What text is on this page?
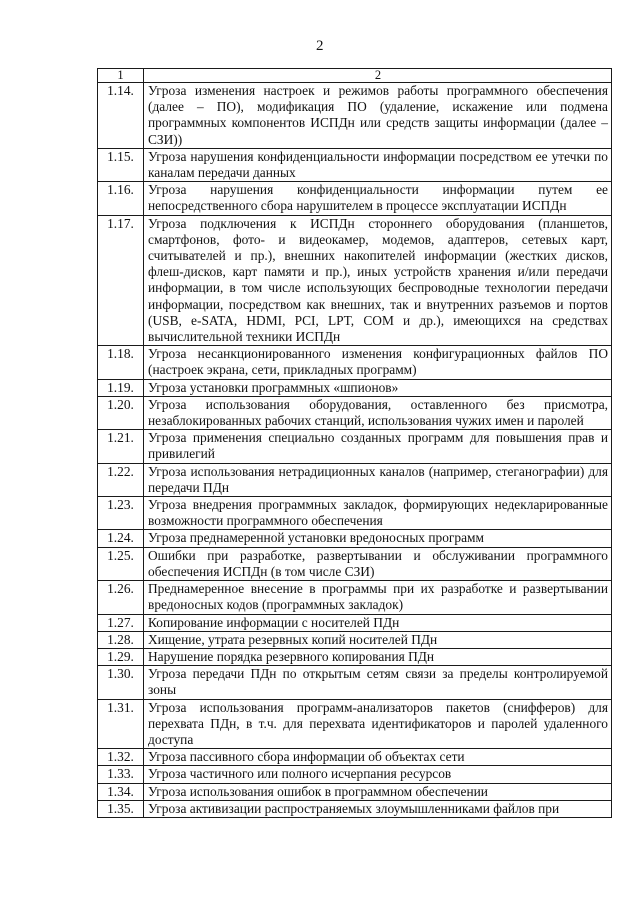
2
1	2
1.14.	Угроза изменения настроек и режимов работы программного обеспечения (далее – ПО), модификация ПО (удаление, искажение или подмена программных компонентов ИСПДн или средств защиты информации (далее – СЗИ))
1.15.	Угроза нарушения конфиденциальности информации посредством ее утечки по каналам передачи данных
1.16.	Угроза нарушения конфиденциальности информации путем ее непосредственного сбора нарушителем в процессе эксплуатации ИСПДн
1.17.	Угроза подключения к ИСПДн стороннего оборудования (планшетов, смартфонов, фото- и видеокамер, модемов, адаптеров, сетевых карт, считывателей и пр.), внешних накопителей информации (жестких дисков, флеш-дисков, карт памяти и пр.), иных устройств хранения и/или передачи информации, в том числе использующих беспроводные технологии передачи информации, посредством как внешних, так и внутренних разъемов и портов (USB, e-SATA, HDMI, PCI, LPT, COM и др.), имеющихся на средствах вычислительной техники ИСПДн
1.18.	Угроза несанкционированного изменения конфигурационных файлов ПО (настроек экрана, сети, прикладных программ)
1.19.	Угроза установки программных «шпионов»
1.20.	Угроза использования оборудования, оставленного без присмотра, незаблокированных рабочих станций, использования чужих имен и паролей
1.21.	Угроза применения специально созданных программ для повышения прав и привилегий
1.22.	Угроза использования нетрадиционных каналов (например, стеганографии) для передачи ПДн
1.23.	Угроза внедрения программных закладок, формирующих недекларированные возможности программного обеспечения
1.24.	Угроза преднамеренной установки вредоносных программ
1.25.	Ошибки при разработке, развертывании и обслуживании программного обеспечения ИСПДн (в том числе СЗИ)
1.26.	Преднамеренное внесение в программы при их разработке и развертывании вредоносных кодов (программных закладок)
1.27.	Копирование информации с носителей ПДн
1.28.	Хищение, утрата резервных копий носителей ПДн
1.29.	Нарушение порядка резервного копирования ПДн
1.30.	Угроза передачи ПДн по открытым сетям связи за пределы контролируемой зоны
1.31.	Угроза использования программ-анализаторов пакетов (снифферов) для перехвата ПДн, в т.ч. для перехвата идентификаторов и паролей удаленного доступа
1.32.	Угроза пассивного сбора информации об объектах сети
1.33.	Угроза частичного или полного исчерпания ресурсов
1.34.	Угроза использования ошибок в программном обеспечении
1.35.	Угроза активизации распространяемых злоумышленниками файлов при
